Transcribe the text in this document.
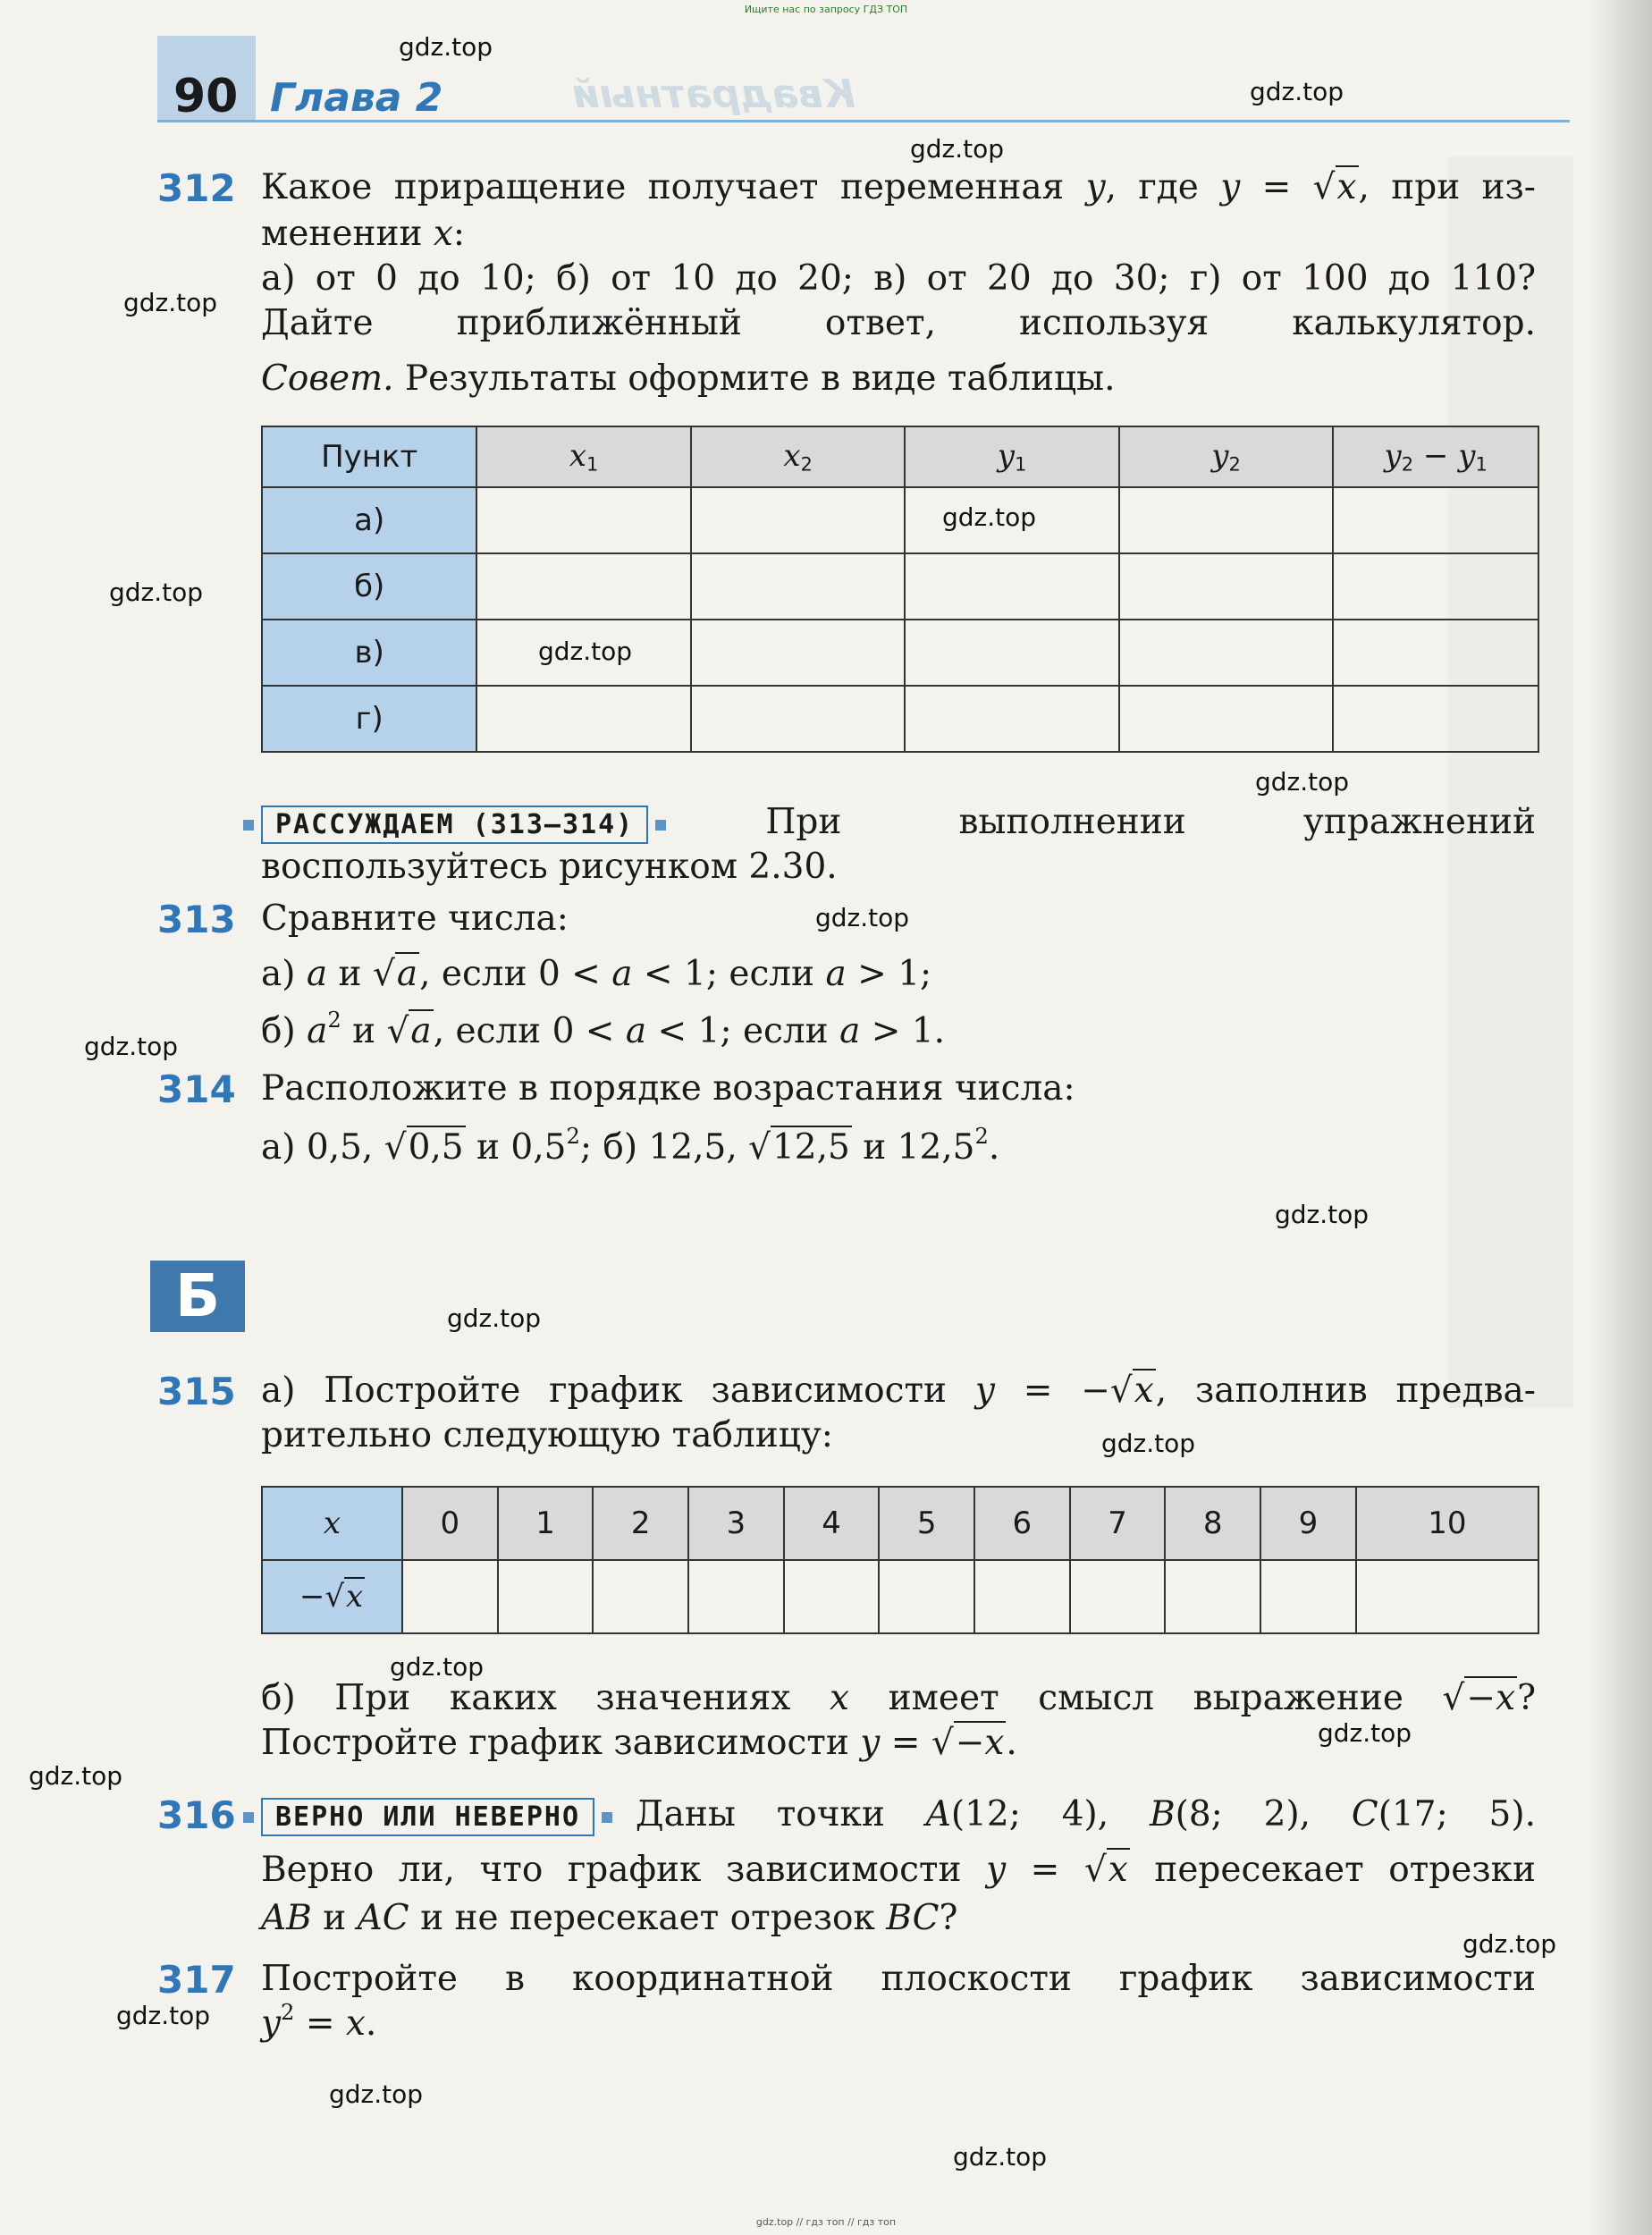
Ищите нас по запросу ГДЗ ТОП
90 Глава 2	Квадратный
gdz.top
gdz.top
gdz.top
gdz.top
gdz.top
gdz.top
gdz.top
gdz.top
gdz.top
gdz.top
gdz.top
gdz.top
gdz.top
gdz.top
gdz.top
gdz.top
gdz.top
gdz.top
gdz.top
gdz.top
312 Какое приращение получает переменная y, где y = √x, при из-
менении x:
а) от 0 до 10; б) от 10 до 20; в) от 20 до 30; г) от 100 до 110?
Дайте приближённый ответ, используя калькулятор.
Совет. Результаты оформите в виде таблицы.
Пункт	$x_1$	$x_2$	$y_1$	$y_2$	$y_2 - y_1$
а)					
б)					
в)					
г)					
РАССУЖДАЕМ (313–314)	При выполнении упражнений
воспользуйтесь рисунком 2.30.
313 Сравните числа:
а) a и √a, если 0 < a < 1; если a > 1;
б) $a^2$ и √a, если 0 < a < 1; если a > 1.
314 Расположите в порядке возрастания числа:
а) 0,5, √0,5 и $0,5^2$; б) 12,5, √12,5 и 12,5$^2$.
Б
315 а) Постройте график зависимости y = −√x, заполнив предва-
рительно следующую таблицу:
x	0	1	2	3	4	5	6	7	8	9	10
−√x											
б) При каких значениях x имеет смысл выражение √−x?
Постройте график зависимости y = √−x.
316	ВЕРНО ИЛИ НЕВЕРНО Даны точки A(12; 4), B(8; 2), C(17; 5).
Верно ли, что график зависимости y = √x пересекает отрезки
AB и AC и не пересекает отрезок BC?
317 Постройте в координатной плоскости график зависимости
$y^2 = x$.
gdz.top // гдз топ // гдз топ
